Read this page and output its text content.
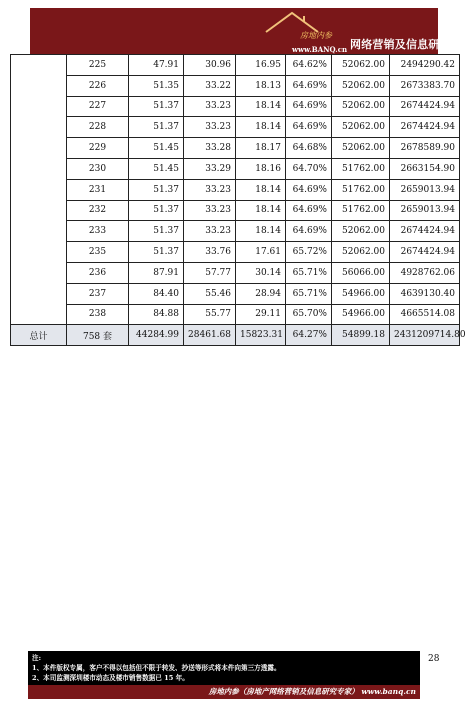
房地内参
www.BANQ.cn 网络营销及信息研究专家
	225	47.91	30.96	16.95	64.62%	52062.00	2494290.42
	226	51.35	33.22	18.13	64.69%	52062.00	2673383.70
	227	51.37	33.23	18.14	64.69%	52062.00	2674424.94
	228	51.37	33.23	18.14	64.69%	52062.00	2674424.94
	229	51.45	33.28	18.17	64.68%	52062.00	2678589.90
	230	51.45	33.29	18.16	64.70%	51762.00	2663154.90
	231	51.37	33.23	18.14	64.69%	51762.00	2659013.94
	232	51.37	33.23	18.14	64.69%	51762.00	2659013.94
	233	51.37	33.23	18.14	64.69%	52062.00	2674424.94
	235	51.37	33.76	17.61	65.72%	52062.00	2674424.94
	236	87.91	57.77	30.14	65.71%	56066.00	4928762.06
	237	84.40	55.46	28.94	65.71%	54966.00	4639130.40
	238	84.88	55.77	29.11	65.70%	54966.00	4665514.08
总计	758 套	44284.99	28461.68	15823.31	64.27%	54899.18	2431209714.80
28
注:
1、本件版权专属，客户不得以包括但不限于转发、抄送等形式将本件向第三方透露。
2、本司监测深圳楼市动态及楼市销售数据已 15 年。
房地内参（房地产网络营销及信息研究专家） www.banq.cn
